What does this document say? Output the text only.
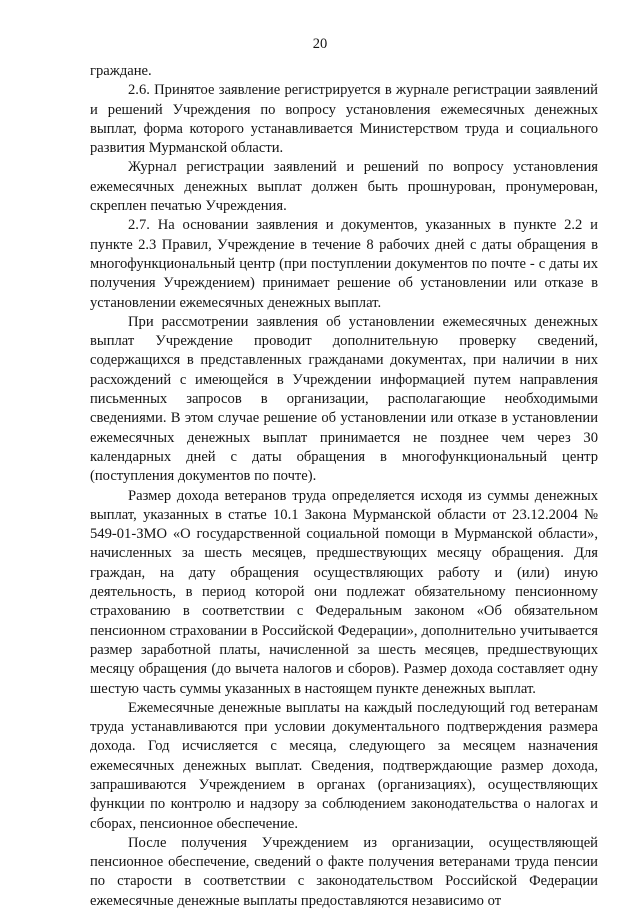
20

граждане.

2.6. Принятое заявление регистрируется в журнале регистрации заявлений и решений Учреждения по вопросу установления ежемесячных денежных выплат, форма которого устанавливается Министерством труда и социального развития Мурманской области.

Журнал регистрации заявлений и решений по вопросу установления ежемесячных денежных выплат должен быть прошнурован, пронумерован, скреплен печатью Учреждения.

2.7. На основании заявления и документов, указанных в пункте 2.2 и пункте 2.3 Правил, Учреждение в течение 8 рабочих дней с даты обращения в многофункциональный центр (при поступлении документов по почте - с даты их получения Учреждением) принимает решение об установлении или отказе в установлении ежемесячных денежных выплат.

При рассмотрении заявления об установлении ежемесячных денежных выплат Учреждение проводит дополнительную проверку сведений, содержащихся в представленных гражданами документах, при наличии в них расхождений с имеющейся в Учреждении информацией путем направления письменных запросов в организации, располагающие необходимыми сведениями. В этом случае решение об установлении или отказе в установлении ежемесячных денежных выплат принимается не позднее чем через 30 календарных дней с даты обращения в многофункциональный центр (поступления документов по почте).

Размер дохода ветеранов труда определяется исходя из суммы денежных выплат, указанных в статье 10.1 Закона Мурманской области от 23.12.2004 № 549-01-ЗМО «О государственной социальной помощи в Мурманской области», начисленных за шесть месяцев, предшествующих месяцу обращения. Для граждан, на дату обращения осуществляющих работу и (или) иную деятельность, в период которой они подлежат обязательному пенсионному страхованию в соответствии с Федеральным законом «Об обязательном пенсионном страховании в Российской Федерации», дополнительно учитывается размер заработной платы, начисленной за шесть месяцев, предшествующих месяцу обращения (до вычета налогов и сборов). Размер дохода составляет одну шестую часть суммы указанных в настоящем пункте денежных выплат.

Ежемесячные денежные выплаты на каждый последующий год ветеранам труда устанавливаются при условии документального подтверждения размера дохода. Год исчисляется с месяца, следующего за месяцем назначения ежемесячных денежных выплат. Сведения, подтверждающие размер дохода, запрашиваются Учреждением в органах (организациях), осуществляющих функции по контролю и надзору за соблюдением законодательства о налогах и сборах, пенсионное обеспечение.

После получения Учреждением из организации, осуществляющей пенсионное обеспечение, сведений о факте получения ветеранами труда пенсии по старости в соответствии с законодательством Российской Федерации ежемесячные денежные выплаты предоставляются независимо от
